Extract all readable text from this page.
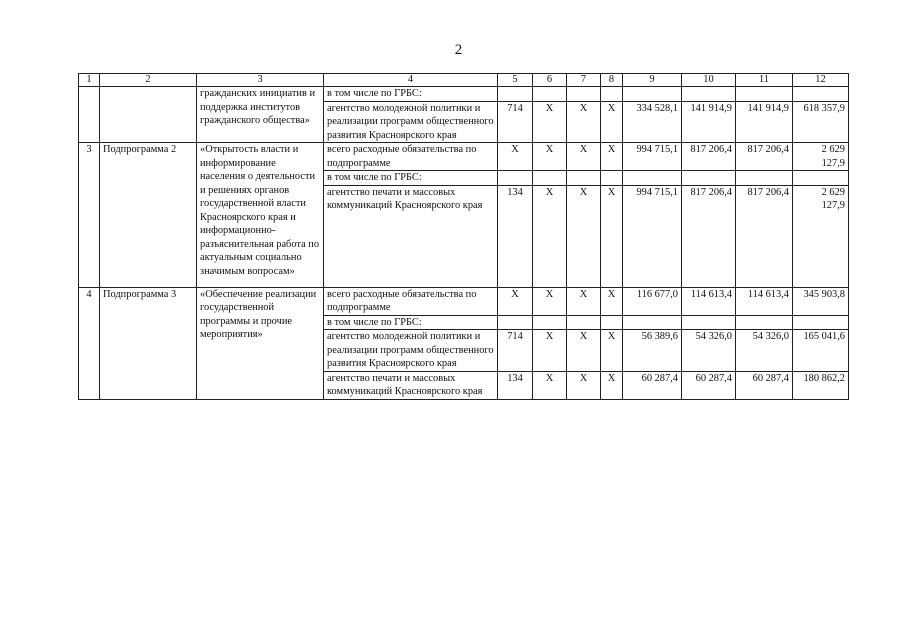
2
1	2	3	4	5	6	7	8	9	10	11	12
		гражданских инициатив и поддержка институтов гражданского общества»	в том числе по ГРБС:								
			агентство молодежной политики и реализации программ общественного развития Красноярского края	714	X	X	X	334 528,1	141 914,9	141 914,9	618 357,9
3	Подпрограмма 2	«Открытость власти и информирование населения о деятельности и решениях органов государственной власти Красноярского края и информационно-разъяснительная работа по актуальным социально значимым вопросам»	всего расходные обязательства по подпрограмме	X	X	X	X	994 715,1	817 206,4	817 206,4	2 629 127,9
			в том числе по ГРБС:								
			агентство печати и массовых коммуникаций Красноярского края	134	X	X	X	994 715,1	817 206,4	817 206,4	2 629 127,9
4	Подпрограмма 3	«Обеспечение реализации государственной программы и прочие мероприятия»	всего расходные обязательства по подпрограмме	X	X	X	X	116 677,0	114 613,4	114 613,4	345 903,8
			в том числе по ГРБС:								
			агентство молодежной политики и реализации программ общественного развития Красноярского края	714	X	X	X	56 389,6	54 326,0	54 326,0	165 041,6
			агентство печати и массовых коммуникаций Красноярского края	134	X	X	X	60 287,4	60 287,4	60 287,4	180 862,2
